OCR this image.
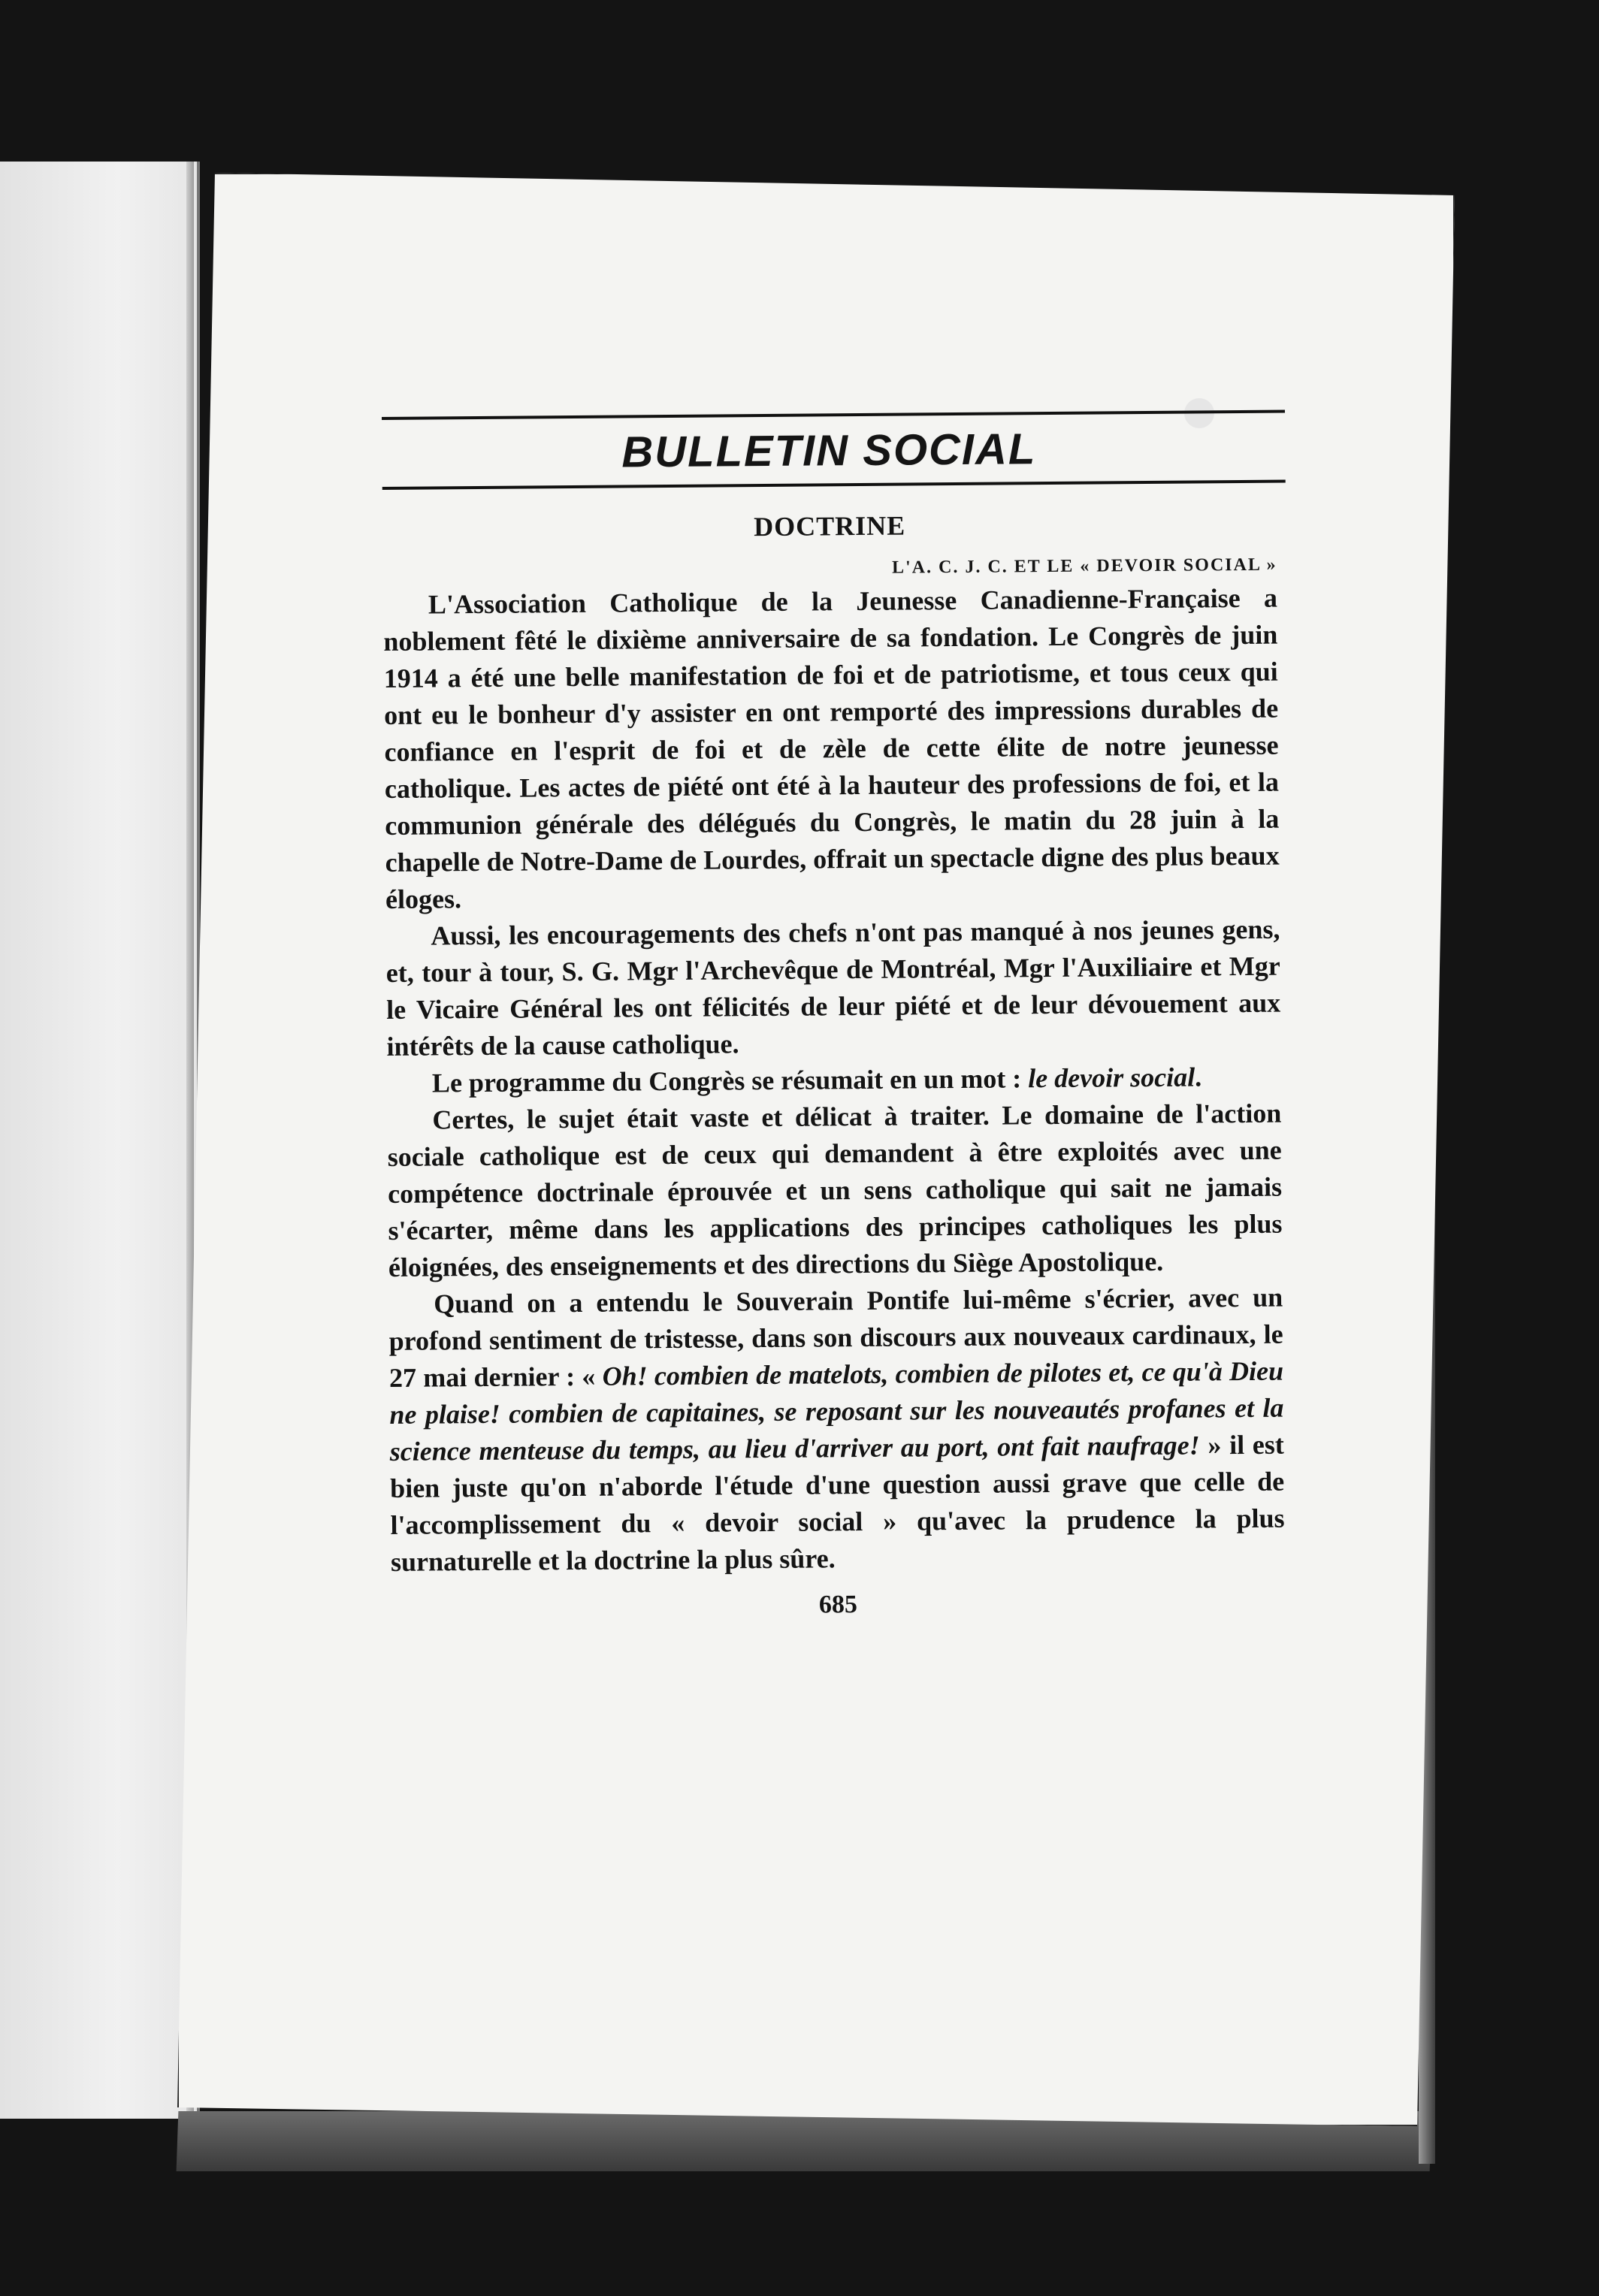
BULLETIN SOCIAL
DOCTRINE
L'A. C. J. C. ET LE « DEVOIR SOCIAL »

L'Association Catholique de la Jeunesse Canadienne-Française a noblement fêté le dixième anniversaire de sa fondation. Le Congrès de juin 1914 a été une belle manifestation de foi et de patriotisme, et tous ceux qui ont eu le bonheur d'y assister en ont remporté des impressions durables de confiance en l'esprit de foi et de zèle de cette élite de notre jeunesse catholique. Les actes de piété ont été à la hauteur des professions de foi, et la communion générale des délégués du Congrès, le matin du 28 juin à la chapelle de Notre-Dame de Lourdes, offrait un spectacle digne des plus beaux éloges.

Aussi, les encouragements des chefs n'ont pas manqué à nos jeunes gens, et, tour à tour, S. G. Mgr l'Archevêque de Montréal, Mgr l'Auxiliaire et Mgr le Vicaire Général les ont félicités de leur piété et de leur dévouement aux intérêts de la cause catholique.

Le programme du Congrès se résumait en un mot : le devoir social.

Certes, le sujet était vaste et délicat à traiter. Le domaine de l'action sociale catholique est de ceux qui demandent à être exploités avec une compétence doctrinale éprouvée et un sens catholique qui sait ne jamais s'écarter, même dans les applications des principes catholiques les plus éloignées, des enseignements et des directions du Siège Apostolique.

Quand on a entendu le Souverain Pontife lui-même s'écrier, avec un profond sentiment de tristesse, dans son discours aux nouveaux cardinaux, le 27 mai dernier : « Oh! combien de matelots, combien de pilotes et, ce qu'à Dieu ne plaise! combien de capitaines, se reposant sur les nouveautés profanes et la science menteuse du temps, au lieu d'arriver au port, ont fait naufrage! » il est bien juste qu'on n'aborde l'étude d'une question aussi grave que celle de l'accomplissement du « devoir social » qu'avec la prudence la plus surnaturelle et la doctrine la plus sûre.

685
